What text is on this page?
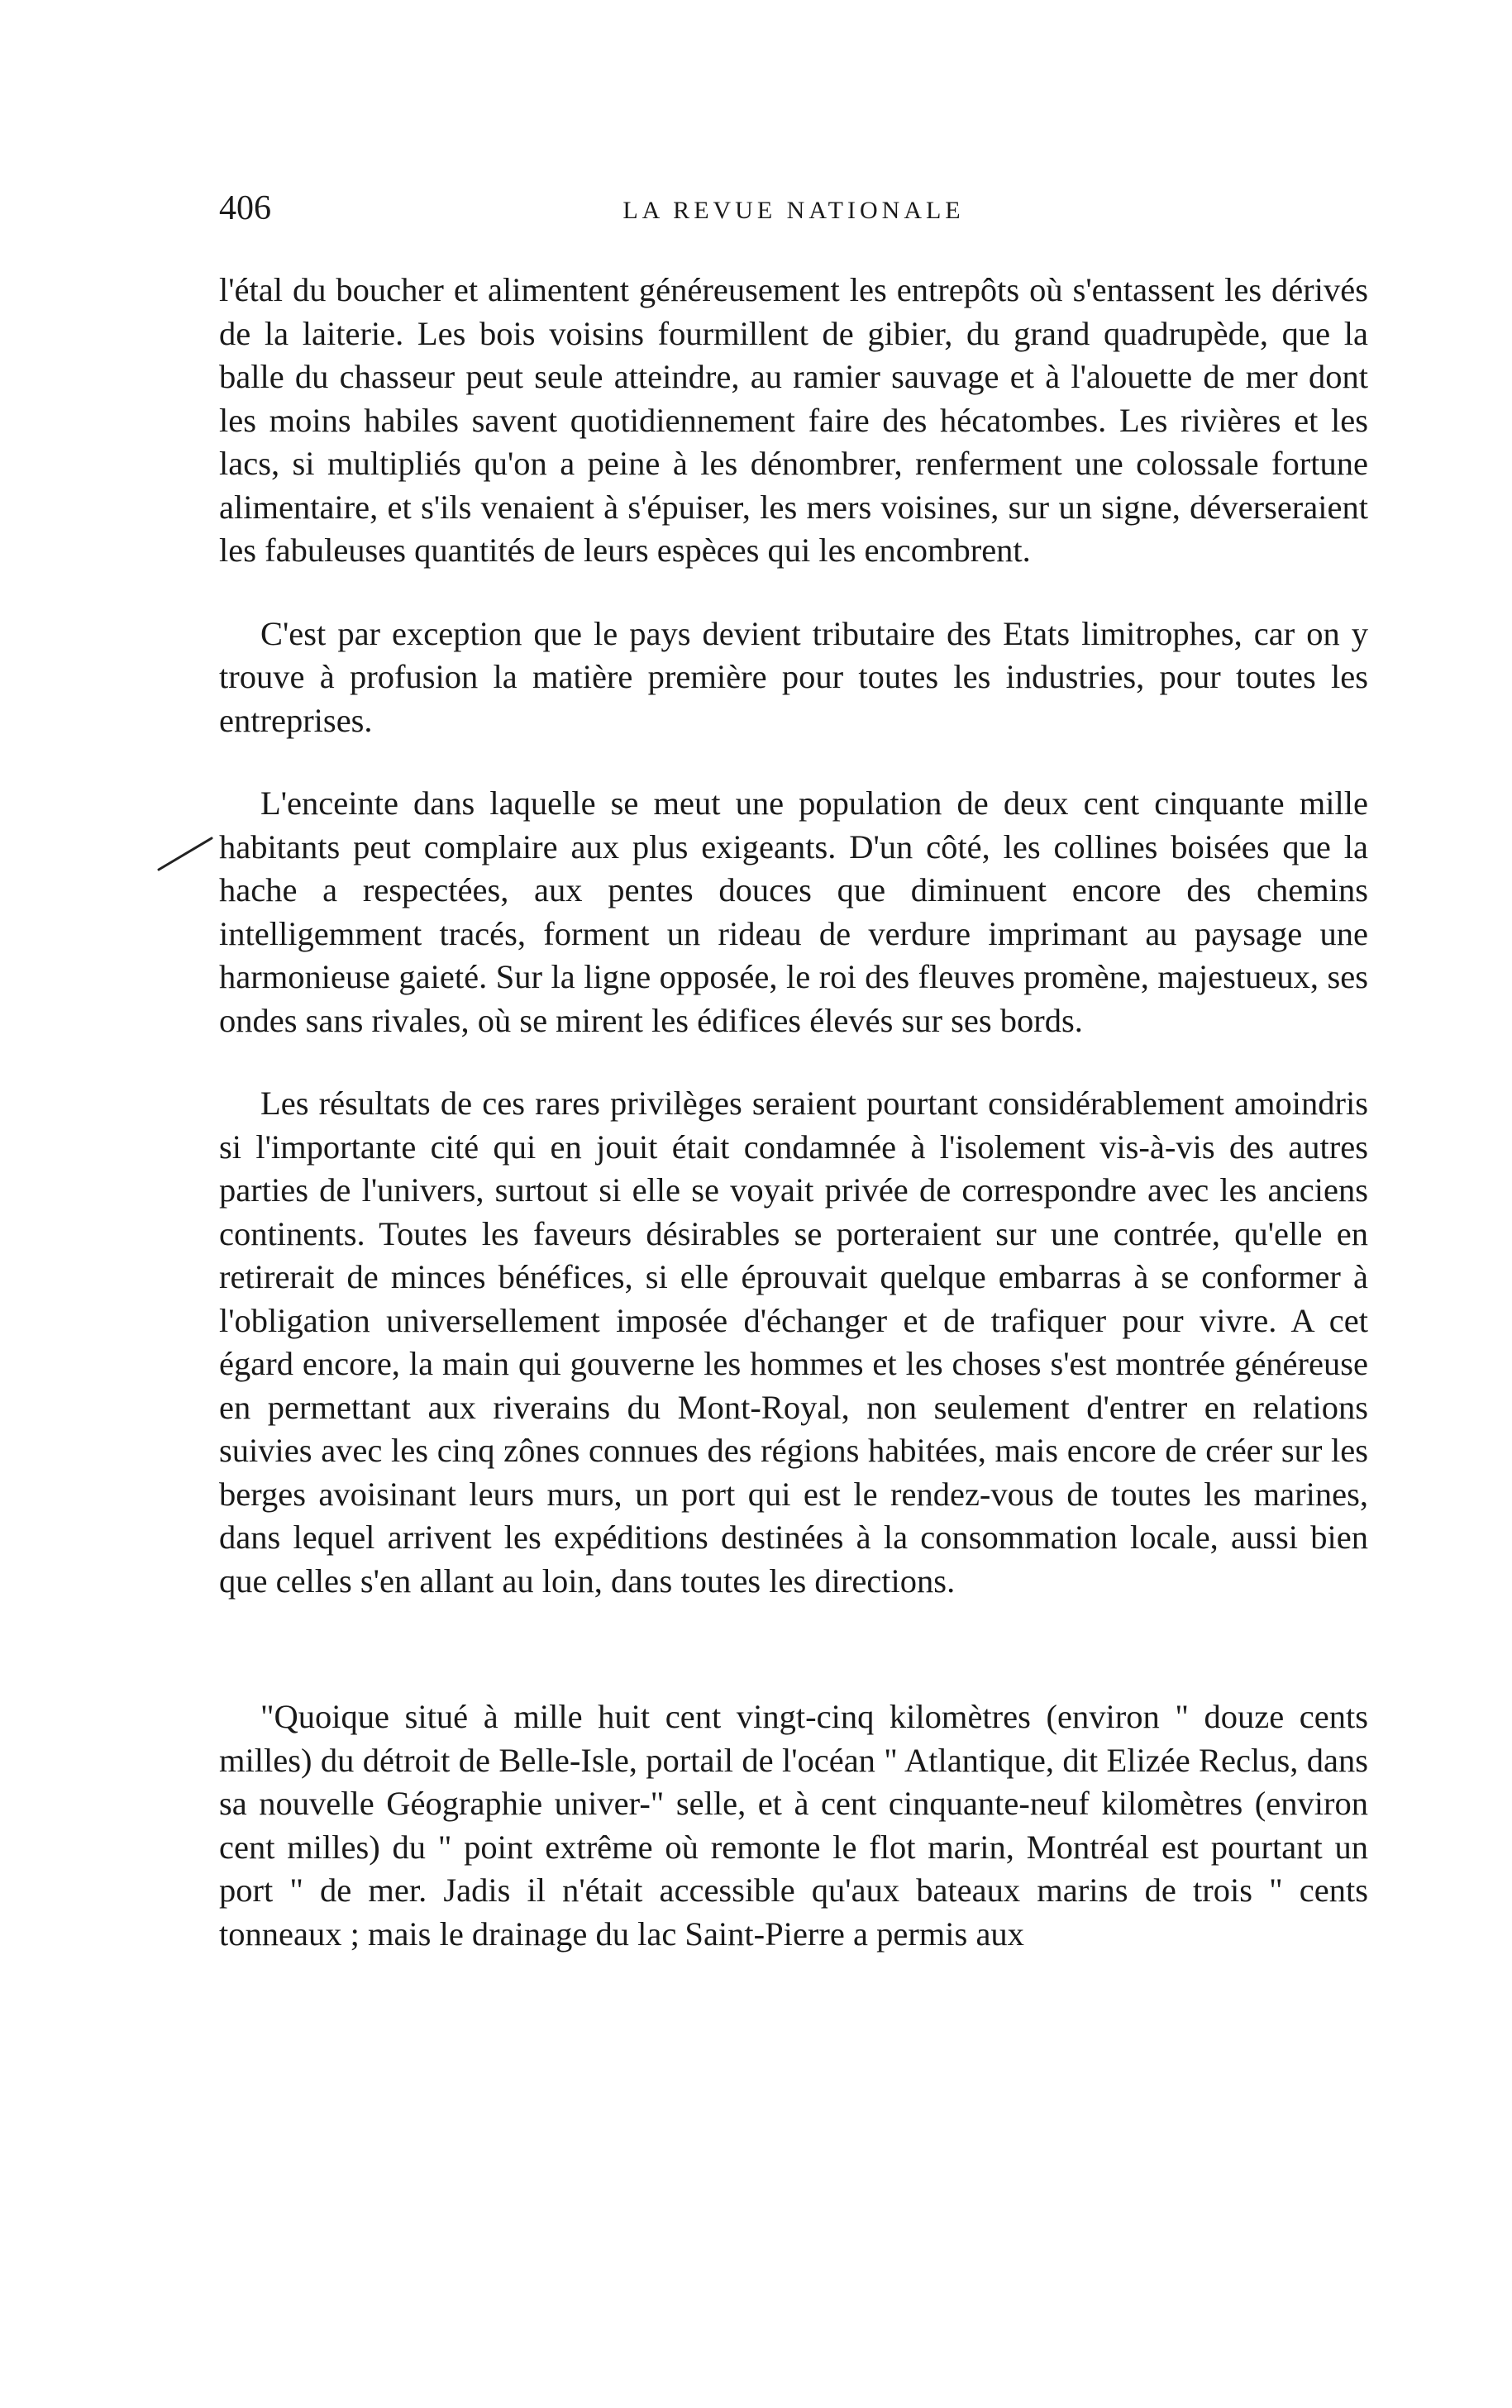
406	LA REVUE NATIONALE

l'étal du boucher et alimentent généreusement les entrepôts où s'entassent les dérivés de la laiterie. Les bois voisins fourmillent de gibier, du grand quadrupède, que la balle du chasseur peut seule atteindre, au ramier sauvage et à l'alouette de mer dont les moins habiles savent quotidiennement faire des hécatombes. Les rivières et les lacs, si multipliés qu'on a peine à les dénombrer, renferment une colossale fortune alimentaire, et s'ils venaient à s'épuiser, les mers voisines, sur un signe, déverseraient les fabuleuses quantités de leurs espèces qui les encombrent.

C'est par exception que le pays devient tributaire des Etats limitrophes, car on y trouve à profusion la matière première pour toutes les industries, pour toutes les entreprises.

L'enceinte dans laquelle se meut une population de deux cent cinquante mille habitants peut complaire aux plus exigeants. D'un côté, les collines boisées que la hache a respectées, aux pentes douces que diminuent encore des chemins intelligemment tracés, forment un rideau de verdure imprimant au paysage une harmonieuse gaieté. Sur la ligne opposée, le roi des fleuves promène, majestueux, ses ondes sans rivales, où se mirent les édifices élevés sur ses bords.

Les résultats de ces rares privilèges seraient pourtant considérablement amoindris si l'importante cité qui en jouit était condamnée à l'isolement vis-à-vis des autres parties de l'univers, surtout si elle se voyait privée de correspondre avec les anciens continents. Toutes les faveurs désirables se porteraient sur une contrée, qu'elle en retirerait de minces bénéfices, si elle éprouvait quelque embarras à se conformer à l'obligation universellement imposée d'échanger et de trafiquer pour vivre. A cet égard encore, la main qui gouverne les hommes et les choses s'est montrée généreuse en permettant aux riverains du Mont-Royal, non seulement d'entrer en relations suivies avec les cinq zônes connues des régions habitées, mais encore de créer sur les berges avoisinant leurs murs, un port qui est le rendez-vous de toutes les marines, dans lequel arrivent les expéditions destinées à la consommation locale, aussi bien que celles s'en allant au loin, dans toutes les directions.

"Quoique situé à mille huit cent vingt-cinq kilomètres (environ " douze cents milles) du détroit de Belle-Isle, portail de l'océan " Atlantique, dit Elizée Reclus, dans sa nouvelle Géographie univer-" selle, et à cent cinquante-neuf kilomètres (environ cent milles) du " point extrême où remonte le flot marin, Montréal est pourtant un port " de mer. Jadis il n'était accessible qu'aux bateaux marins de trois " cents tonneaux ; mais le drainage du lac Saint-Pierre a permis aux
